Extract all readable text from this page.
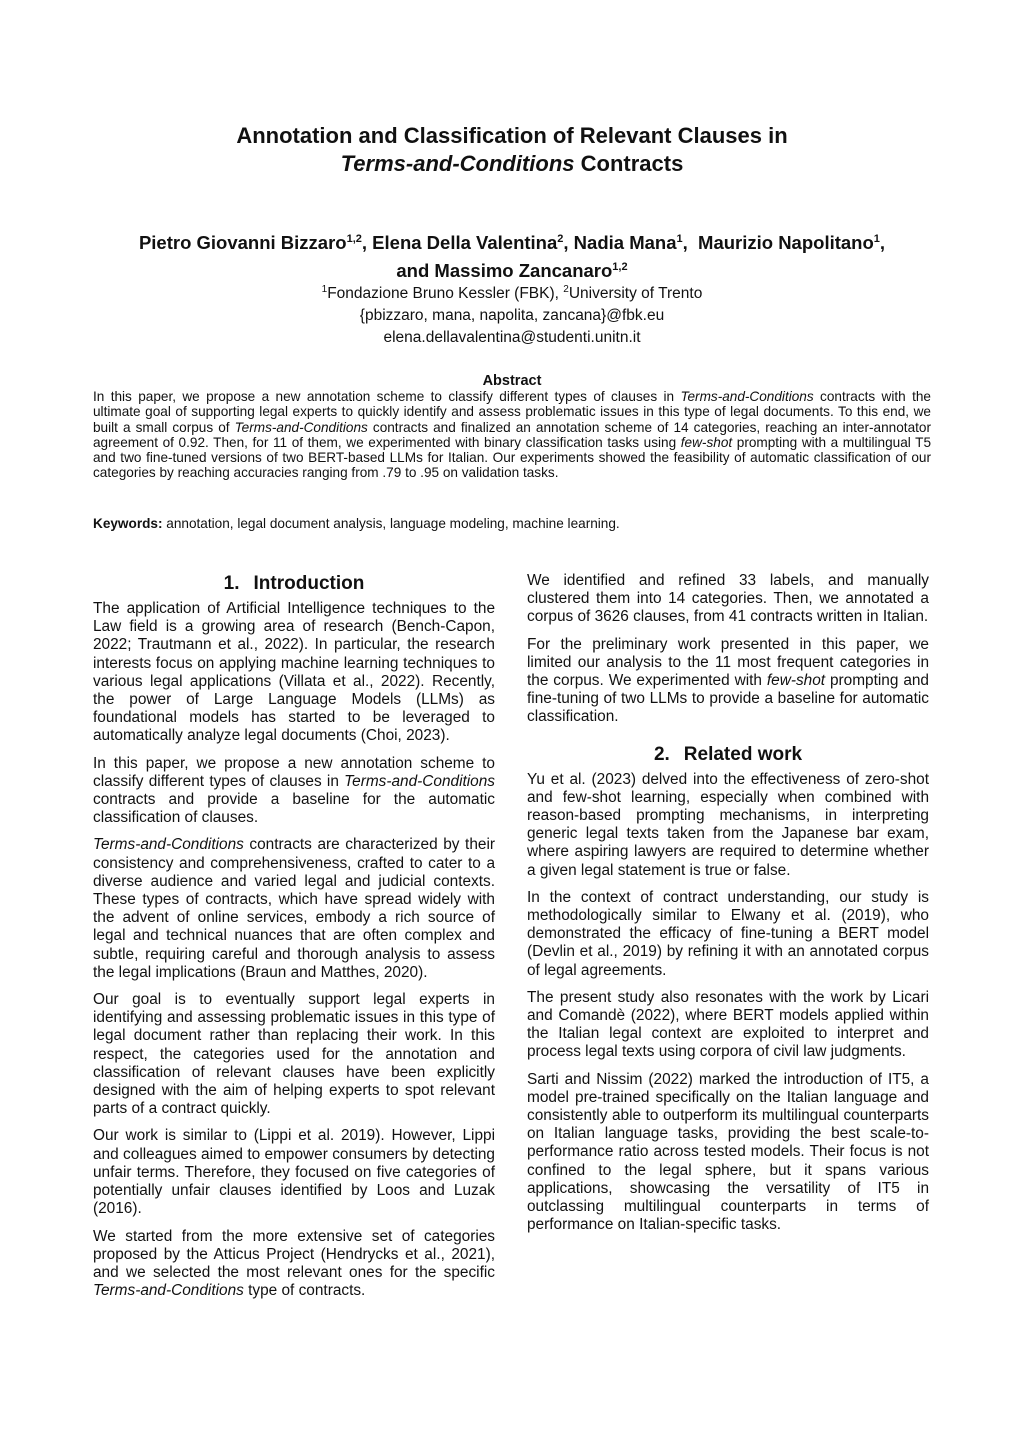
Annotation and Classification of Relevant Clauses in
Terms-and-Conditions Contracts
Pietro Giovanni Bizzaro$^{1,2}$, Elena Della Valentina$^2$, Nadia Mana$^1$,  Maurizio Napolitano$^1$,
and Massimo Zancanaro$^{1,2}$
$^1$Fondazione Bruno Kessler (FBK), $^2$University of Trento
{pbizzaro, mana, napolita, zancana}@fbk.eu
elena.dellavalentina@studenti.unitn.it
Abstract
In this paper, we propose a new annotation scheme to classify different types of clauses in Terms-and-Conditions contracts with the ultimate goal of supporting legal experts to quickly identify and assess problematic issues in this type of legal documents. To this end, we built a small corpus of Terms-and-Conditions contracts and finalized an annotation scheme of 14 categories, reaching an inter-annotator agreement of 0.92. Then, for 11 of them, we experimented with binary classification tasks using few-shot prompting with a multilingual T5 and two fine-tuned versions of two BERT-based LLMs for Italian. Our experiments showed the feasibility of automatic classification of our categories by reaching accuracies ranging from .79 to .95 on validation tasks.
Keywords: annotation, legal document analysis, language modeling, machine learning.
1. Introduction

The application of Artificial Intelligence techniques to the Law field is a growing area of research (Bench-Capon, 2022; Trautmann et al., 2022). In particular, the research interests focus on applying machine learning techniques to various legal applications (Villata et al., 2022). Recently, the power of Large Language Models (LLMs) as foundational models has started to be leveraged to automatically analyze legal documents (Choi, 2023).

In this paper, we propose a new annotation scheme to classify different types of clauses in Terms-and-Conditions contracts and provide a baseline for the automatic classification of clauses.

Terms-and-Conditions contracts are characterized by their consistency and comprehensiveness, crafted to cater to a diverse audience and varied legal and judicial contexts. These types of contracts, which have spread widely with the advent of online services, embody a rich source of legal and technical nuances that are often complex and subtle, requiring careful and thorough analysis to assess the legal implications (Braun and Matthes, 2020).

Our goal is to eventually support legal experts in identifying and assessing problematic issues in this type of legal document rather than replacing their work. In this respect, the categories used for the annotation and classification of relevant clauses have been explicitly designed with the aim of helping experts to spot relevant parts of a contract quickly.

Our work is similar to (Lippi et al. 2019). However, Lippi and colleagues aimed to empower consumers by detecting unfair terms. Therefore, they focused on five categories of potentially unfair clauses identified by Loos and Luzak (2016).

We started from the more extensive set of categories proposed by the Atticus Project (Hendrycks et al., 2021), and we selected the most relevant ones for the specific Terms-and-Conditions type of contracts.

We identified and refined 33 labels, and manually clustered them into 14 categories. Then, we annotated a corpus of 3626 clauses, from 41 contracts written in Italian.

For the preliminary work presented in this paper, we limited our analysis to the 11 most frequent categories in the corpus. We experimented with few-shot prompting and fine-tuning of two LLMs to provide a baseline for automatic classification.

2. Related work

Yu et al. (2023) delved into the effectiveness of zero-shot and few-shot learning, especially when combined with reason-based prompting mechanisms, in interpreting generic legal texts taken from the Japanese bar exam, where aspiring lawyers are required to determine whether a given legal statement is true or false.

In the context of contract understanding, our study is methodologically similar to Elwany et al. (2019), who demonstrated the efficacy of fine-tuning a BERT model (Devlin et al., 2019) by refining it with an annotated corpus of legal agreements.

The present study also resonates with the work by Licari and Comandè (2022), where BERT models applied within the Italian legal context are exploited to interpret and process legal texts using corpora of civil law judgments.

Sarti and Nissim (2022) marked the introduction of IT5, a model pre-trained specifically on the Italian language and consistently able to outperform its multilingual counterparts on Italian language tasks, providing the best scale-to-performance ratio across tested models. Their focus is not confined to the legal sphere, but it spans various applications, showcasing the versatility of IT5 in outclassing multilingual counterparts in terms of performance on Italian-specific tasks.
